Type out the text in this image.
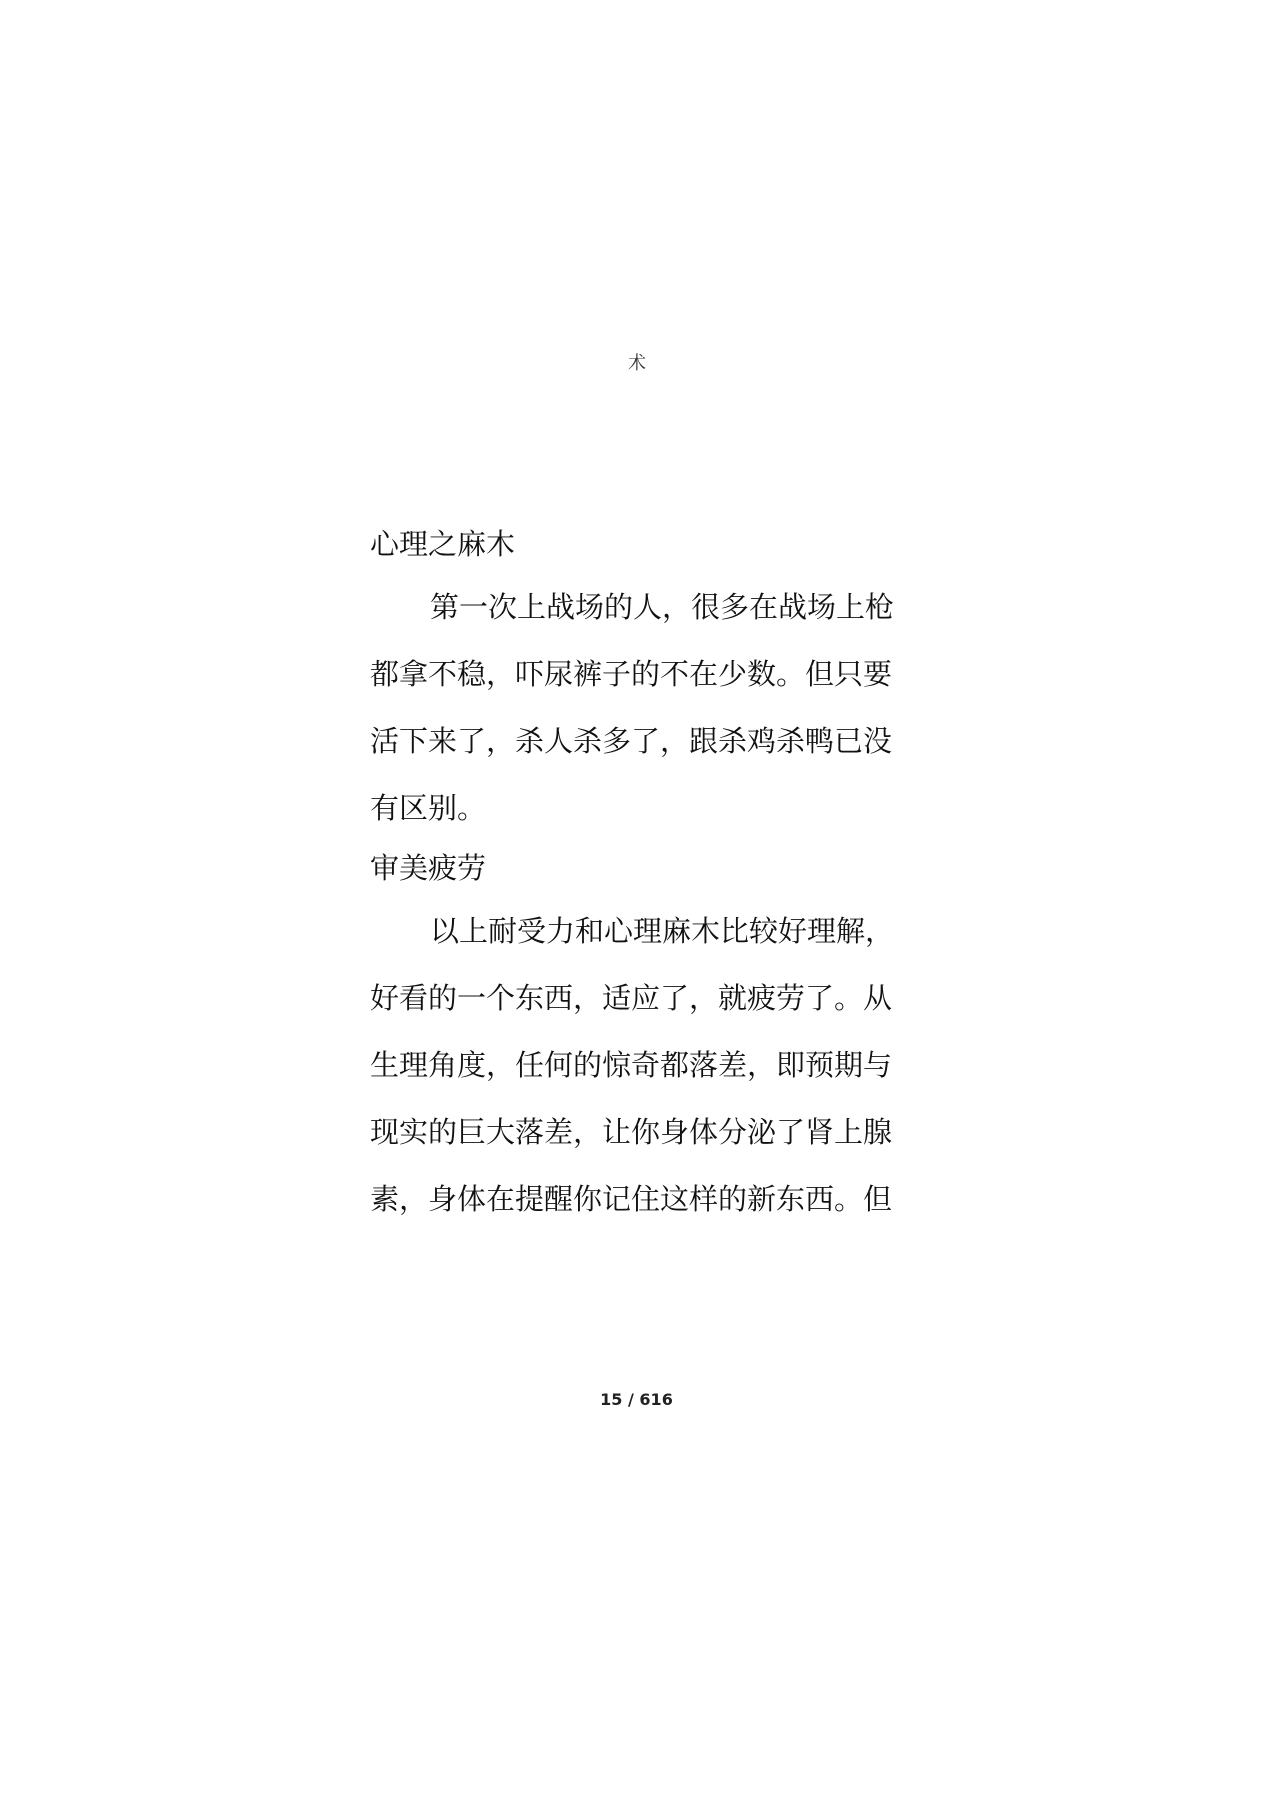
术
心理之麻木

第一次上战场的人，很多在战场上枪
都拿不稳，吓尿裤子的不在少数。但只要
活下来了，杀人杀多了，跟杀鸡杀鸭已没
有区别。

审美疲劳

以上耐受力和心理麻木比较好理解，
好看的一个东西，适应了，就疲劳了。从
生理角度，任何的惊奇都落差，即预期与
现实的巨大落差，让你身体分泌了肾上腺
素，身体在提醒你记住这样的新东西。但

15 / 616
